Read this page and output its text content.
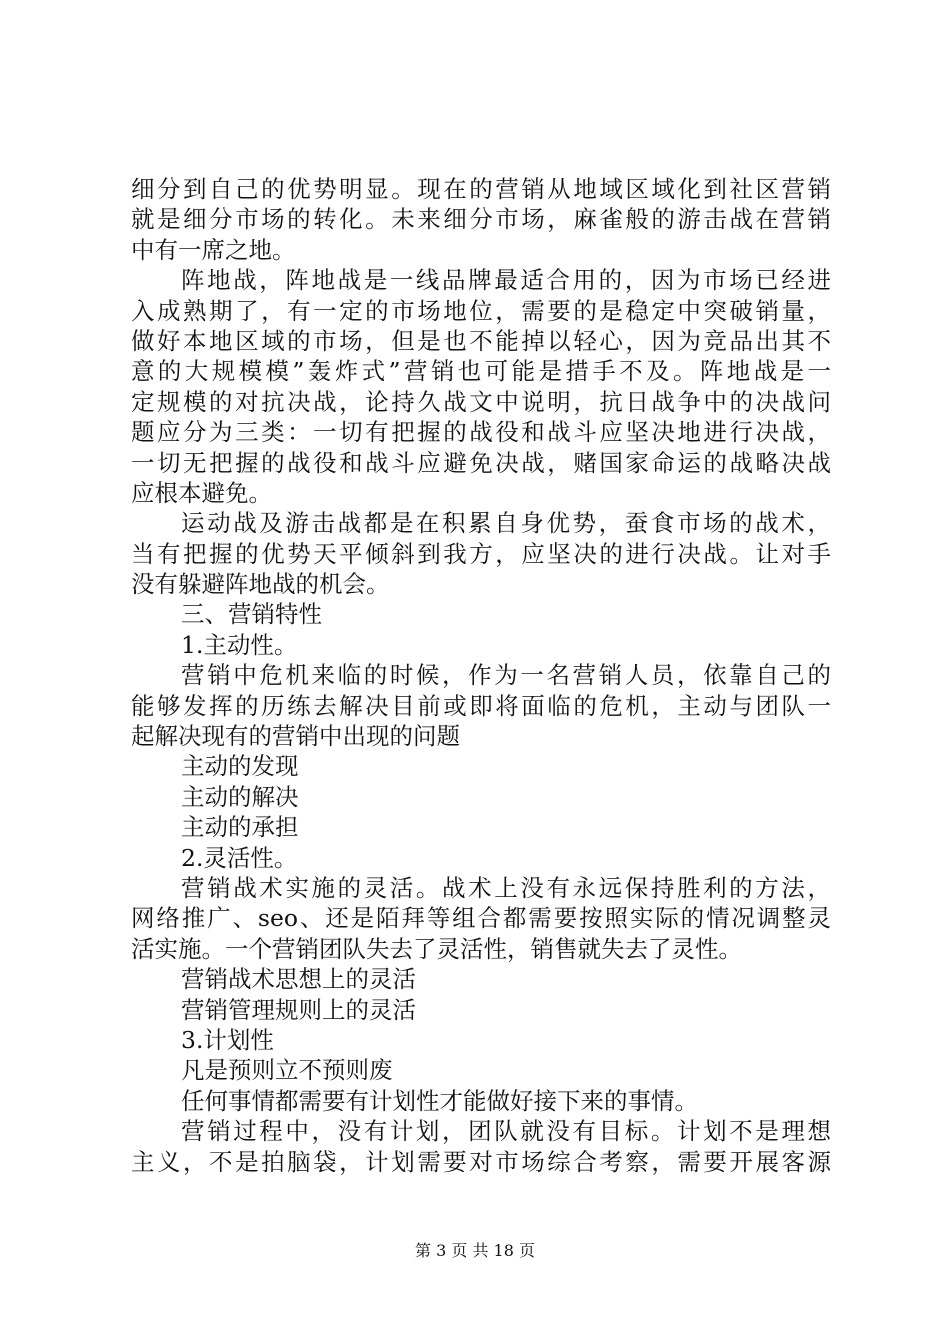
细分到自己的优势明显。现在的营销从地域区域化到社区营销
就是细分市场的转化。未来细分市场，麻雀般的游击战在营销
中有一席之地。
阵地战，阵地战是一线品牌最适合用的，因为市场已经进
入成熟期了，有一定的市场地位，需要的是稳定中突破销量，
做好本地区域的市场，但是也不能掉以轻心，因为竞品出其不
意的大规模模”轰炸式”营销也可能是措手不及。阵地战是一
定规模的对抗决战，论持久战文中说明，抗日战争中的决战问
题应分为三类：一切有把握的战役和战斗应坚决地进行决战，
一切无把握的战役和战斗应避免决战，赌国家命运的战略决战
应根本避免。
运动战及游击战都是在积累自身优势，蚕食市场的战术，
当有把握的优势天平倾斜到我方，应坚决的进行决战。让对手
没有躲避阵地战的机会。
三、营销特性
1.主动性。
营销中危机来临的时候，作为一名营销人员，依靠自己的
能够发挥的历练去解决目前或即将面临的危机，主动与团队一
起解决现有的营销中出现的问题
主动的发现
主动的解决
主动的承担
2.灵活性。
营销战术实施的灵活。战术上没有永远保持胜利的方法，
网络推广、seo、还是陌拜等组合都需要按照实际的情况调整灵
活实施。一个营销团队失去了灵活性，销售就失去了灵性。
营销战术思想上的灵活
营销管理规则上的灵活
3.计划性
凡是预则立不预则废
任何事情都需要有计划性才能做好接下来的事情。
营销过程中，没有计划，团队就没有目标。计划不是理想
主义，不是拍脑袋，计划需要对市场综合考察，需要开展客源
第 3 页 共 18 页
